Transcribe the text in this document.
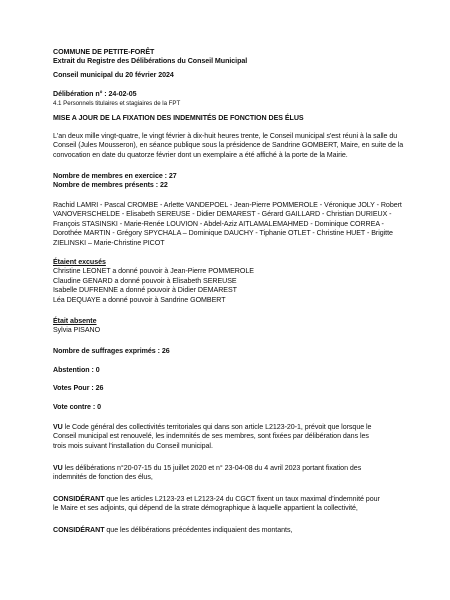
COMMUNE DE PETITE-FORÊT
Extrait du Registre des Délibérations du Conseil Municipal
Conseil municipal du 20 février 2024
Délibération n° : 24-02-05
4.1 Personnels titulaires et stagiaires de la FPT
MISE A JOUR DE LA FIXATION DES INDEMNITÉS DE FONCTION DES ÉLUS
L'an deux mille vingt-quatre, le vingt février à dix-huit heures trente, le Conseil municipal s'est réuni à la salle du
Conseil (Jules Mousseron), en séance publique sous la présidence de Sandrine GOMBERT, Maire, en suite de la
convocation en date du quatorze février dont un exemplaire a été affiché à la porte de la Mairie.
Nombre de membres en exercice : 27
Nombre de membres présents : 22
Rachid LAMRI - Pascal CROMBE - Arlette VANDEPOEL - Jean-Pierre POMMEROLE - Véronique JOLY - Robert
VANOVERSCHELDE - Elisabeth SEREUSE - Didier DEMAREST - Gérard GAILLARD - Christian DURIEUX -
François STASINSKI - Marie-Renée LOUVION - Abdel-Aziz AITLAMALEMAHMED - Dominique CORREA -
Dorothée MARTIN - Grégory SPYCHALA – Dominique DAUCHY - Tiphanie OTLET - Christine HUET - Brigitte
ZIELINSKI – Marie-Christine PICOT
Étaient excusés
Christine LEONET a donné pouvoir à Jean-Pierre POMMEROLE
Claudine GENARD a donné pouvoir à Elisabeth SEREUSE
Isabelle DUFRENNE a donné pouvoir à Didier DEMAREST
Léa DEQUAYE a donné pouvoir à Sandrine GOMBERT
Était absente
Sylvia PISANO
Nombre de suffrages exprimés : 26
Abstention : 0
Votes Pour : 26
Vote contre : 0
VU le Code général des collectivités territoriales qui dans son article L2123-20-1, prévoit que lorsque le
Conseil municipal est renouvelé, les indemnités de ses membres, sont fixées par délibération dans les
trois mois suivant l'installation du Conseil municipal.
VU les délibérations n°20-07-15 du 15 juillet 2020 et n° 23-04-08 du 4 avril 2023 portant fixation des
indemnités de fonction des élus,
CONSIDÉRANT que les articles L2123-23 et L2123-24 du CGCT fixent un taux maximal d'indemnité pour
le Maire et ses adjoints, qui dépend de la strate démographique à laquelle appartient la collectivité,
CONSIDÉRANT que les délibérations précédentes indiquaient des montants,
